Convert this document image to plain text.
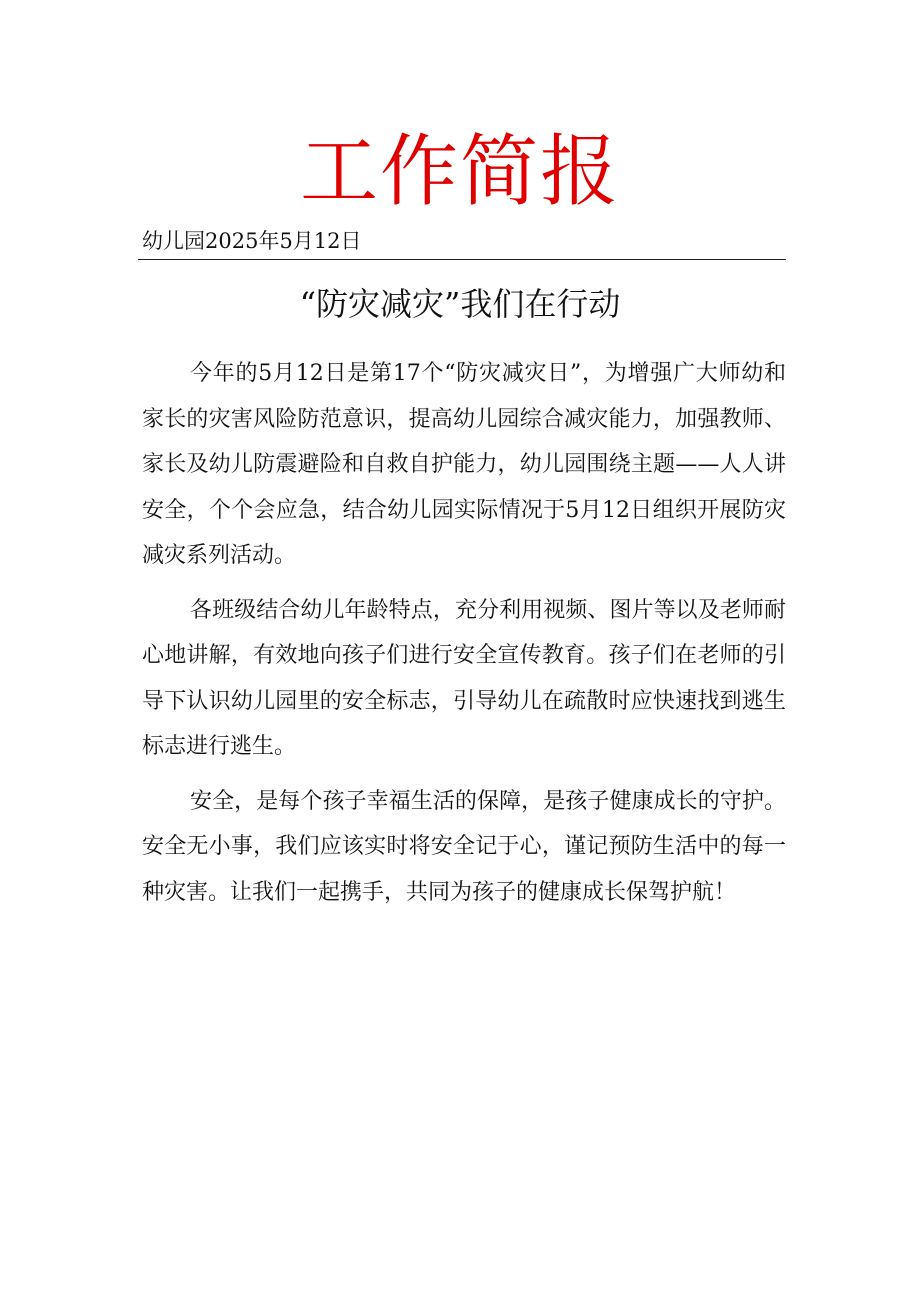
工作简报
幼儿园2025年5月12日
“防灾减灾”我们在行动

今年的5月12日是第17个“防灾减灾日”，为增强广大师幼和家长的灾害风险防范意识，提高幼儿园综合减灾能力，加强教师、家长及幼儿防震避险和自救自护能力，幼儿园围绕主题——人人讲安全，个个会应急，结合幼儿园实际情况于5月12日组织开展防灾减灾系列活动。

各班级结合幼儿年龄特点，充分利用视频、图片等以及老师耐心地讲解，有效地向孩子们进行安全宣传教育。孩子们在老师的引导下认识幼儿园里的安全标志，引导幼儿在疏散时应快速找到逃生标志进行逃生。

安全，是每个孩子幸福生活的保障，是孩子健康成长的守护。安全无小事，我们应该实时将安全记于心，谨记预防生活中的每一种灾害。让我们一起携手，共同为孩子的健康成长保驾护航！
